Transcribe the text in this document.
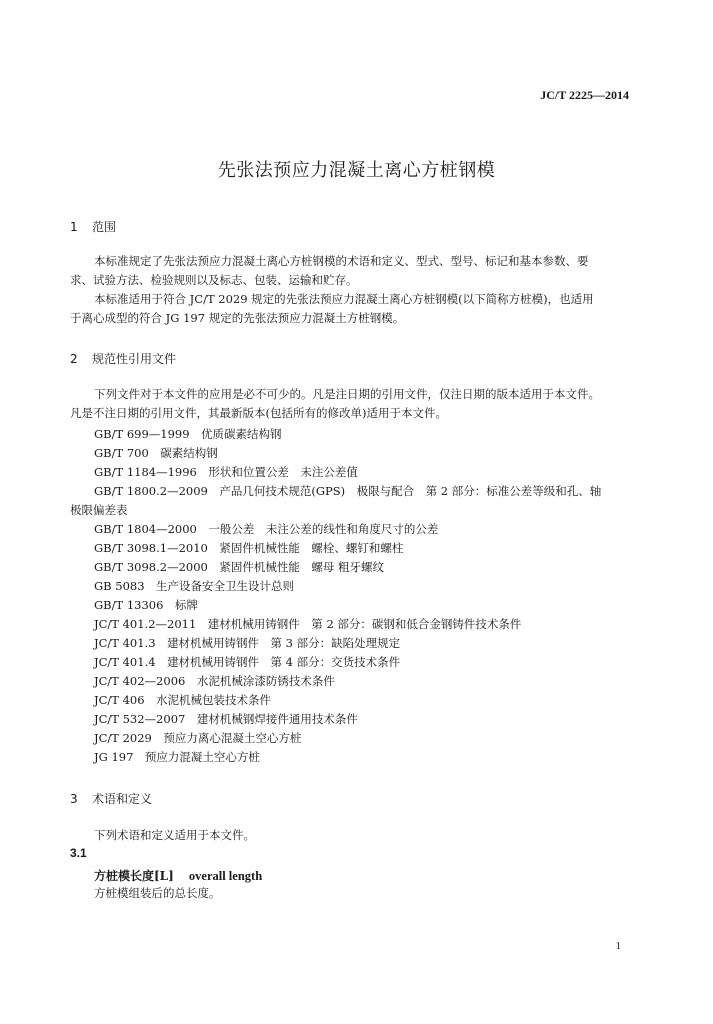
JC/T 2225—2014
先张法预应力混凝土离心方桩钢模
1 范围
本标准规定了先张法预应力混凝土离心方桩钢模的术语和定义、型式、型号、标记和基本参数、要
求、试验方法、检验规则以及标志、包装、运输和贮存。
本标准适用于符合 JC/T 2029 规定的先张法预应力混凝土离心方桩钢模(以下简称方桩模)，也适用
于离心成型的符合 JG 197 规定的先张法预应力混凝土方桩钢模。
2 规范性引用文件
下列文件对于本文件的应用是必不可少的。凡是注日期的引用文件，仅注日期的版本适用于本文件。
凡是不注日期的引用文件，其最新版本(包括所有的修改单)适用于本文件。
GB/T 699—1999　优质碳素结构钢
GB/T 700　碳素结构钢
GB/T 1184—1996　形状和位置公差　未注公差值
GB/T 1800.2—2009　产品几何技术规范(GPS)　极限与配合　第 2 部分：标准公差等级和孔、轴
极限偏差表
GB/T 1804—2000　一般公差　未注公差的线性和角度尺寸的公差
GB/T 3098.1—2010　紧固件机械性能　螺栓、螺钉和螺柱
GB/T 3098.2—2000　紧固件机械性能　螺母 粗牙螺纹
GB 5083　生产设备安全卫生设计总则
GB/T 13306　标牌
JC/T 401.2—2011　建材机械用铸钢件　第 2 部分：碳钢和低合金钢铸件技术条件
JC/T 401.3　建材机械用铸钢件　第 3 部分：缺陷处理规定
JC/T 401.4　建材机械用铸钢件　第 4 部分：交货技术条件
JC/T 402—2006　水泥机械涂漆防锈技术条件
JC/T 406　水泥机械包装技术条件
JC/T 532—2007　建材机械钢焊接件通用技术条件
JC/T 2029　预应力离心混凝土空心方桩
JG 197　预应力混凝土空心方桩
3 术语和定义
下列术语和定义适用于本文件。
3.1
方桩模长度[L] overall length
方桩模组装后的总长度。
1
